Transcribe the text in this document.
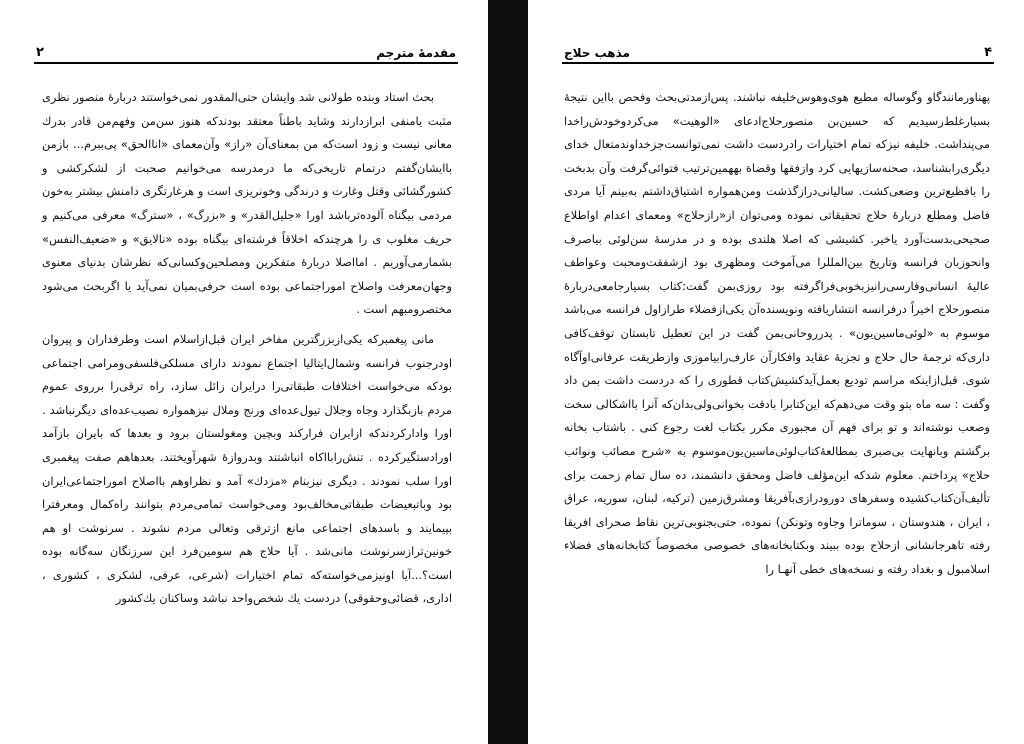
۲	مقدمهٔ مترجم

بحث استاد وبنده طولانی شد وایشان حتی‌المقدور نمی‌خواستند دربارهٔ منصور نظری مثبت یامنفی ابرازدارند وشاید باطناً معتقد بودندکه هنوز سن‌من وفهم‌من قادر بدرك معانی نیست و زود است‌که من بمعنای‌آن «راز» وآن‌معمای «اناالحق» پی‌ببرم... بازمن باایشان‌گفتم درتمام تاریخی‌که ما درمدرسه می‌خوانیم صحبت از لشکرکشی و کشورگشائی وقتل وغارت و درندگی وخونریزی است و هرغارتگری دامنش بیشتر به‌خون مردمی بیگناه آلوده‌ترباشد اورا «جلیل‌القدر» و «بزرگ» ، «سترگ» معرفی می‌کنیم و حریف مغلوب‌ ی را هرچندکه اخلاقاً فرشته‌ای بیگناه بوده «نالایق» و «ضعیف‌النفس» بشمارمی‌آوریم . امااصلا دربارهٔ متفکرین ومصلحین‌وکسانی‌که نظرشان بدنیای معنوی وجهان‌معرفت واصلاح اموراجتماعی بوده است حرفی‌بمیان نمی‌آید یا اگربحث می‌شود مختصرومبهم است .

مانی پیغمبرکه یکی‌ازبزرگترین مفاخر ایران قبل‌ازاسلام است وطرفداران و پیروان اودرجنوب فرانسه وشمال‌ایتالیا اجتماع نمودند دارای مسلکی‌فلسفی‌ومرامی اجتماعی بودکه می‌خواست اختلافات طبقاتی‌را درایران زائل سازد، راه ترقی‌را برروی عموم مردم بازبگذارد وجاه وجلال تیول‌عده‌ای ورنج وملال نیزهمواره نصیب‌عده‌ای دیگرنباشد . اورا وادارکردندکه ازایران فرارکند وبچین ومغولستان برود و بعدها که بایران بازآمد اورادستگیرکرده . تنش‌رابااکاه انباشتند وبدروازهٔ شهرآویختند. بعدهاهم صفت پیغمبری اورا سلب نمودند . دیگری نیزبنام «مزدك» آمد و نظراوهم بااصلاح اموراجتماعی‌ایران بود وباتبعیضات طبقاتی‌مخالف‌بود ومی‌خواست تمامی‌مردم بتوانند راه‌کمال ومعرفترا بپیمایند و باسدهای اجتماعی مانع ازترقی وتعالی مردم نشوند . سرنوشت او هم خونین‌ترازسرنوشت مانی‌شد . آیا حلاج هم سومین‌فرد این سرزنگان سه‌گانه بوده است؟...آیا اونیزمی‌خواسته‌که تمام اختیارات (شرعی، عرفی، لشکری ، کشوری ، اداری، قضائی‌وحقوقی) دردست یك شخص‌واحد نباشد وساکنان یك‌کشور

مذهب حلاج	۴

پهناورمانندگاو وگوساله مطیع هوی‌وهوس‌خلیفه نباشند. پس‌ازمدتی‌بحث وفحص بااین نتیجهٔ بسیارغلط‌رسیدیم که حسین‌بن منصورحلاج‌ادعای «الوهیت» می‌کردوخودش‌راخدا می‌پنداشت. خلیفه نیزکه تمام اختیارات رادردست داشت نمی‌توانست‌جزخداوندمتعال خدای دیگری‌رابشناسد، صحنه‌سازیهایی کرد وازفقها وقضاة بههمین‌ترتیب فتوائی‌گرفت وآن بدبخت را بافظیع‌ترین وضعی‌کشت. سالیانی‌درازگذشت ومن‌همواره اشتیاق‌داشتم به‌بینم آیا مردی فاضل ومطلع دربارهٔ حلاج تحقیقاتی نموده ومی‌توان از«رازحلاج» ومعمای اعدام اواطلاع صحیحی‌بدست‌آورد یاخیر. کشیشی که اصلا هلندی بوده و در مدرسهٔ سن‌لوئی بیاصرف وانحوزبان فرانسه وتاریخ بین‌المللرا می‌آموخت ومظهری بود ازشفقت‌ومحبت وعواطف عالیهٔ انسانی‌وفارسی‌رانیزبخوبی‌فراگرفته بود روزی‌بمن گفت:کتاب بسیارجامعی‌دربارهٔ منصورحلاج اخیراً درفرانسه انتشاریافته ونویسنده‌آن یکی‌ازفضلاء طرازاول فرانسه می‌باشد موسوم به «لوئی‌ماسین‌یون» . پدرروحانی‌بمن گفت در این تعطیل تابستان توقف‌کافی داری‌که ترجمهٔ حال حلاج و تجزیهٔ عقاید وافکارآن عارف‌رابیاموزی وازطریقت عرفانی‌اوآگاه شوی. قبل‌ازاینکه مراسم تودیع بعمل‌آید‌کشیش‌کتاب قطوری را که دردست داشت بمن داد وگفت : سه ماه بتو وقت می‌دهم‌که این‌کتابرا بادقت بخوانی‌ولی‌بدان‌که آنرا بااشکالی سخت وصعب نوشته‌اند و تو برای فهم آن مجبوری مکرر بکتاب لغت رجوع کنی . باشتاب بخانه برگشتم وبانهایت بی‌صبری بمطالعهٔ‌کتاب‌لوئی‌ماسین‌یون‌موسوم به «شرح مصائب ونوائب حلاج» پرداختم. معلوم شدکه این‌مؤلف فاضل ومحقق دانشمند، ده سال تمام زحمت برای تألیف‌آن‌کتاب‌کشیده وسفرهای دورودرازی‌بآفریقا ومشرق‌زمین (ترکیه، لبنان، سوریه، عراق ، ایران ، هندوستان ، سوماترا وجاوه وتونکن) نموده، حتی‌بجنوبی‌ترین نقاط صحرای افریقا رفته تاهرجانشانی ازحلاج بوده ببیند وبکتابخانه‌های خصوصی مخصوصاً کتابخانه‌های فضلاء اسلامبول و بغداد رفته و نسخه‌های خطی آنهـا را
